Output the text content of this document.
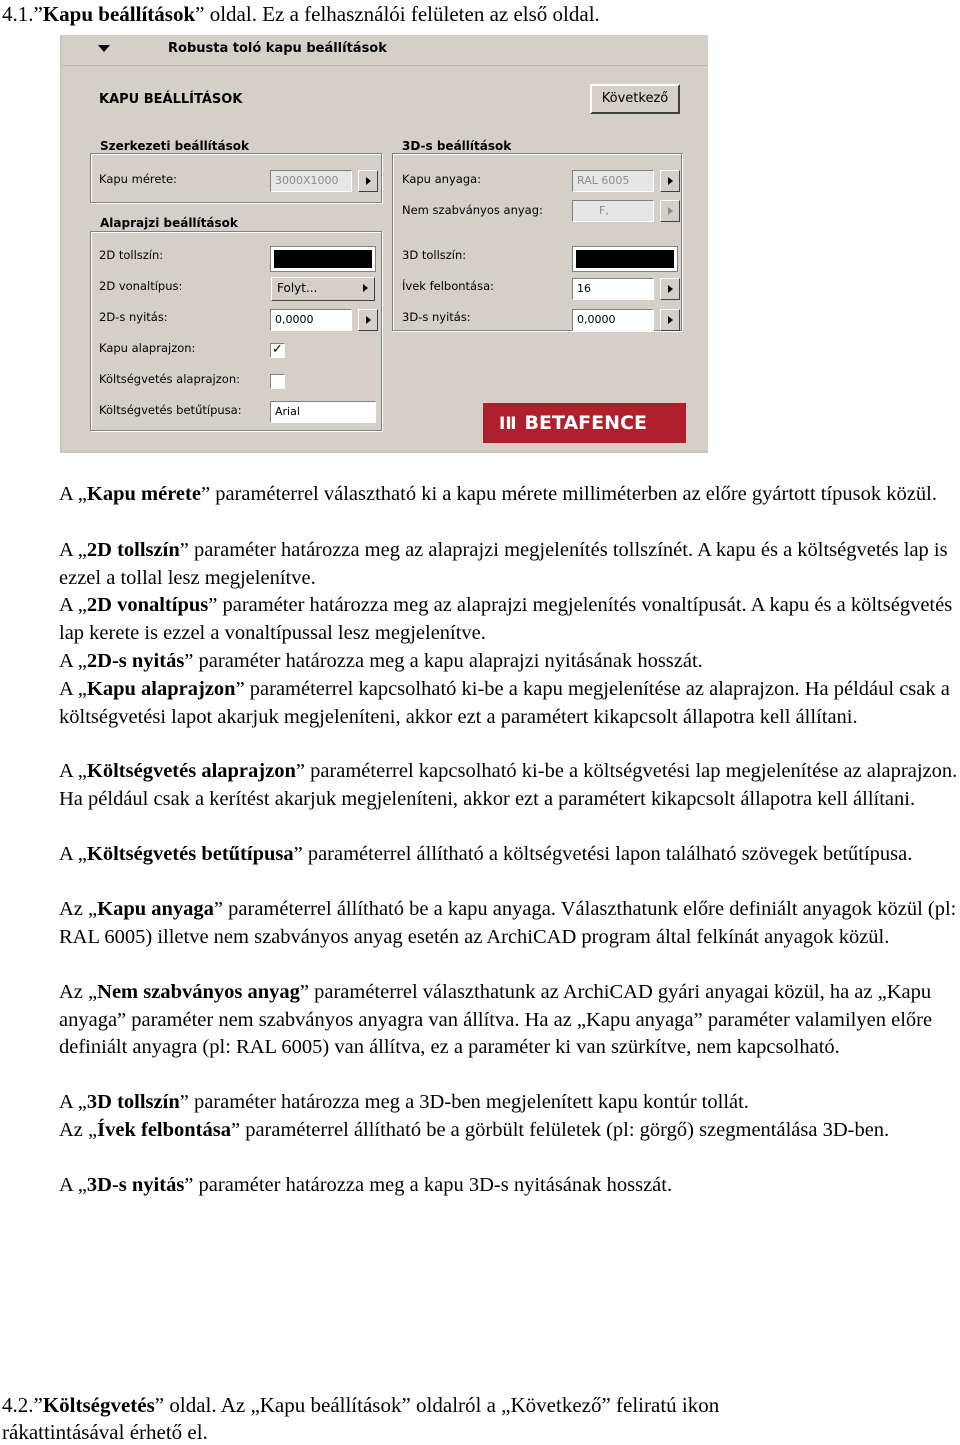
4.1.”Kapu beállítások” oldal. Ez a felhasználói felületen az első oldal.
Robusta toló kapu beállítások
KAPU BEÁLLÍTÁSOK	Következő
Szerkezeti beállítások
Kapu mérete:	3000X1000
Alaprajzi beállítások
2D tollszín:
2D vonaltípus:	Folyt...
2D-s nyitás:	0,0000
Kapu alaprajzon:	✓
Költségvetés alaprajzon:
Költségvetés betűtípusa:	Arial
3D-s beállítások
Kapu anyaga:	RAL 6005
Nem szabványos anyag:	F,
3D tollszín:
Ívek felbontása:	16
3D-s nyitás:	0,0000
ⅠⅡ BETAFENCE
A „Kapu mérete” paraméterrel választható ki a kapu mérete milliméterben az előre gyártott típusok közül.
A „2D tollszín” paraméter határozza meg az alaprajzi megjelenítés tollszínét. A kapu és a költségvetés lap is ezzel a tollal lesz megjelenítve.
A „2D vonaltípus” paraméter határozza meg az alaprajzi megjelenítés vonaltípusát. A kapu és a költségvetés lap kerete is ezzel a vonaltípussal lesz megjelenítve.
A „2D-s nyitás” paraméter határozza meg a kapu alaprajzi nyitásának hosszát.
A „Kapu alaprajzon” paraméterrel kapcsolható ki-be a kapu megjelenítése az alaprajzon. Ha például csak a költségvetési lapot akarjuk megjeleníteni, akkor ezt a paramétert kikapcsolt állapotra kell állítani.
A „Költségvetés alaprajzon” paraméterrel kapcsolható ki-be a költségvetési lap megjelenítése az alaprajzon. Ha például csak a kerítést akarjuk megjeleníteni, akkor ezt a paramétert kikapcsolt állapotra kell állítani.
A „Költségvetés betűtípusa” paraméterrel állítható a költségvetési lapon található szövegek betűtípusa.
Az „Kapu anyaga” paraméterrel állítható be a kapu anyaga. Választhatunk előre definiált anyagok közül (pl: RAL 6005) illetve nem szabványos anyag esetén az ArchiCAD program által felkínát anyagok közül.
Az „Nem szabványos anyag” paraméterrel választhatunk az ArchiCAD gyári anyagai közül, ha az „Kapu anyaga” paraméter nem szabványos anyagra van állítva. Ha az „Kapu anyaga” paraméter valamilyen előre definiált anyagra (pl: RAL 6005) van állítva, ez a paraméter ki van szürkítve, nem kapcsolható.
A „3D tollszín” paraméter határozza meg a 3D-ben megjelenített kapu kontúr tollát.
Az „Ívek felbontása” paraméterrel állítható be a görbült felületek (pl: görgő) szegmentálása 3D-ben.
A „3D-s nyitás” paraméter határozza meg a kapu 3D-s nyitásának hosszát.
4.2.”Költségvetés” oldal. Az „Kapu beállítások” oldalról a „Következő” feliratú ikon
rákattintásával érhető el.
